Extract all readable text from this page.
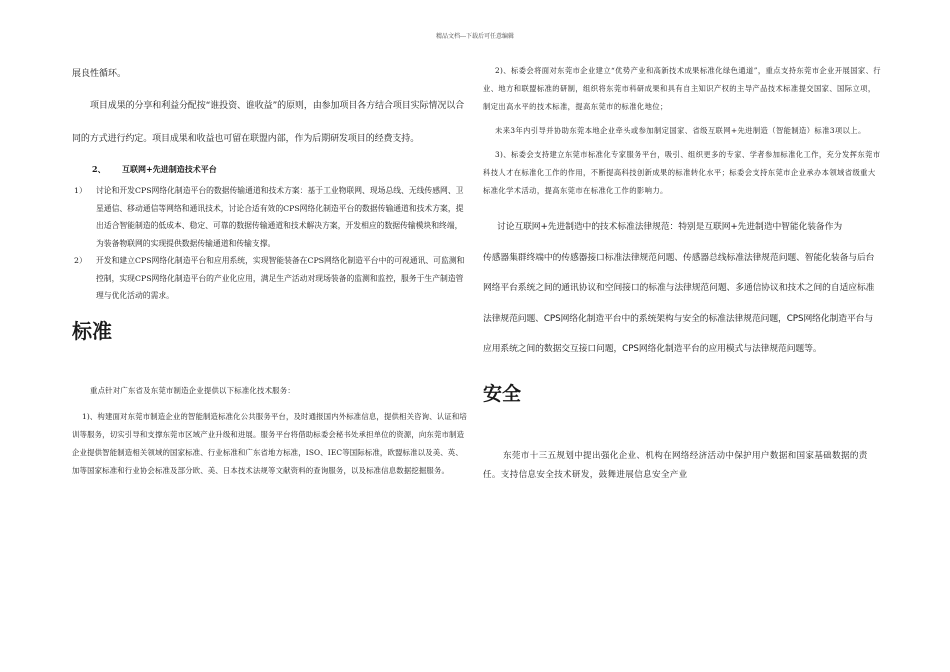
精品文档---下载后可任意编辑

展良性循环。

项目成果的分享和利益分配按“谁投资、谁收益”的原则，由参加项目各方结合项目实际情况以合同的方式进行约定。项目成果和收益也可留在联盟内部，作为后期研发项目的经费支持。

2、 互联网+先进制造技术平台
1）	讨论和开发CPS网络化制造平台的数据传输通道和技术方案：基于工业物联网、现场总线、无线传感网、卫星通信、移动通信等网络和通讯技术，讨论合适有效的CPS网络化制造平台的数据传输通道和技术方案，提出适合智能制造的低成本、稳定、可靠的数据传输通道和技术解决方案，开发相应的数据传输模块和终端，为装备物联网的实现提供数据传输通道和传输支撑。
2）	开发和建立CPS网络化制造平台和应用系统，实现智能装备在CPS网络化制造平台中的可视通讯、可监测和控制，实现CPS网络化制造平台的产业化应用，满足生产活动对现场装备的监测和监控，服务于生产制造管理与优化活动的需求。
标准

重点针对广东省及东莞市制造企业提供以下标准化技术服务：

1)、构建面对东莞市制造企业的智能制造标准化公共服务平台，及时通报国内外标准信息，提供相关咨询、认证和培训等服务，切实引导和支撑东莞市区域产业升级和进展。服务平台将借助标委会秘书处承担单位的资源，向东莞市制造企业提供智能制造相关领域的国家标准、行业标准和广东省地方标准，ISO、IEC等国际标准，欧盟标准以及美、英、加等国家标准和行业协会标准及部分欧、美、日本技术法规等文献资料的查询服务，以及标准信息数据挖掘服务。

2)、标委会将面对东莞市企业建立“优势产业和高新技术成果标准化绿色通道”，重点支持东莞市企业开展国家、行业、地方和联盟标准的研制，组织将东莞市科研成果和具有自主知识产权的主导产品技术标准提交国家、国际立项，制定出高水平的技术标准，提高东莞市的标准化地位；

未来3年内引导并协助东莞本地企业牵头或参加制定国家、省级互联网+先进制造（智能制造）标准3项以上。

3)、标委会支持建立东莞市标准化专家服务平台，吸引、组织更多的专家、学者参加标准化工作，充分发挥东莞市科技人才在标准化工作的作用，不断提高科技创新成果的标准转化水平；标委会支持东莞市企业承办本领域省级重大标准化学术活动，提高东莞市在标准化工作的影响力。

讨论互联网+先进制造中的技术标准法律规范：特别是互联网+先进制造中智能化装备作为
传感器集群终端中的传感器接口标准法律规范问题、传感器总线标准法律规范问题、智能化装备与后台网络平台系统之间的通讯协议和空间接口的标准与法律规范问题、多通信协议和技术之间的自适应标准法律规范问题、CPS网络化制造平台中的系统架构与安全的标准法律规范问题，CPS网络化制造平台与应用系统之间的数据交互接口问题，CPS网络化制造平台的应用模式与法律规范问题等。

安全

东莞市十三五规划中提出强化企业、机构在网络经济活动中保护用户数据和国家基础数据的责任。支持信息安全技术研发，鼓舞进展信息安全产业
